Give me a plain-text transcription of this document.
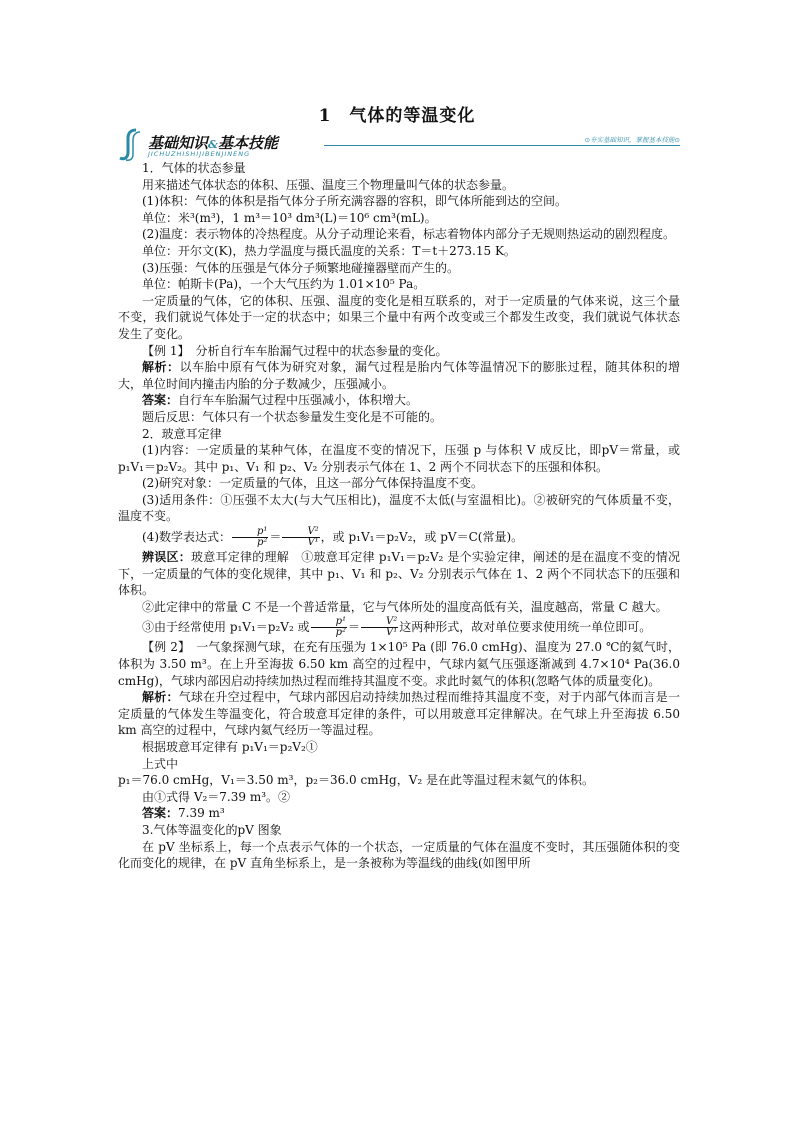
1　气体的等温变化
基础知识&基本技能
JICHUZHISHIJIBENJINENG
⊙夯实基础知识，掌握基本技能⊙

1．气体的状态参量

用来描述气体状态的体积、压强、温度三个物理量叫气体的状态参量。

(1)体积：气体的体积是指气体分子所充满容器的容积，即气体所能到达的空间。

单位：米³(m³)，1 m³＝10³ dm³(L)＝10⁶ cm³(mL)。

(2)温度：表示物体的冷热程度。从分子动理论来看，标志着物体内部分子无规则热运动的剧烈程度。

单位：开尔文(K)，热力学温度与摄氏温度的关系：T＝t＋273.15 K。

(3)压强：气体的压强是气体分子频繁地碰撞器壁而产生的。

单位：帕斯卡(Pa)，一个大气压约为 1.01×10⁵ Pa。

一定质量的气体，它的体积、压强、温度的变化是相互联系的，对于一定质量的气体来说，这三个量不变，我们就说气体处于一定的状态中；如果三个量中有两个改变或三个都发生改变，我们就说气体状态发生了变化。

【例 1】　 分析自行车车胎漏气过程中的状态参量的变化。

解析：以车胎中原有气体为研究对象，漏气过程是胎内气体等温情况下的膨胀过程，随其体积的增大，单位时间内撞击内胎的分子数减少，压强减小。

答案：自行车车胎漏气过程中压强减小，体积增大。

题后反思：气体只有一个状态参量发生变化是不可能的。

2．玻意耳定律

(1)内容：一定质量的某种气体，在温度不变的情况下，压强 p 与体积 V 成反比，即pV＝常量，或 p₁V₁＝p₂V₂。其中 p₁、V₁ 和 p₂、V₂ 分别表示气体在 1、2 两个不同状态下的压强和体积。

(2)研究对象：一定质量的气体，且这一部分气体保持温度不变。

(3)适用条件：①压强不太大(与大气压相比)，温度不太低(与室温相比)。②被研究的气体质量不变，温度不变。

(4)数学表达式： $\frac{\text{p¹}}{\text{p²}} = \frac{\text{V²}}{\text{V¹}}$ ，或 p₁V₁＝p₂V₂，或 pV＝C(常量)。

辨误区：玻意耳定律的理解　①玻意耳定律 p₁V₁＝p₂V₂ 是个实验定律，阐述的是在温度不变的情况下，一定质量的气体的变化规律，其中 p₁、V₁ 和 p₂、V₂ 分别表示气体在 1、2 两个不同状态下的压强和体积。

②此定律中的常量 C 不是一个普适常量，它与气体所处的温度高低有关，温度越高，常量 C 越大。

③由于经常使用 p₁V₁＝p₂V₂ 或 $\frac{\text{p¹}}{\text{p²}} = \frac{\text{V²}}{\text{V¹}}$ 这两种形式，故对单位要求使用统一单位即可。

【例 2】　 一气象探测气球，在充有压强为 1×10⁵ Pa (即 76.0 cmHg)、温度为 27.0 ℃的氦气时，体积为 3.50 m³。在上升至海拔 6.50 km 高空的过程中，气球内氦气压强逐渐减到 4.7×10⁴ Pa(36.0 cmHg)，气球内部因启动持续加热过程而维持其温度不变。求此时氦气的体积(忽略气体的质量变化)。

解析：气球在升空过程中，气球内部因启动持续加热过程而维持其温度不变，对于内部气体而言是一定质量的气体发生等温变化，符合玻意耳定律的条件，可以用玻意耳定律解决。在气球上升至海拔 6.50 km 高空的过程中，气球内氦气经历一等温过程。

根据玻意耳定律有 p₁V₁＝p₂V₂①

上式中

p₁＝76.0 cmHg，V₁＝3.50 m³，p₂＝36.0 cmHg，V₂ 是在此等温过程末氦气的体积。

由①式得 V₂＝7.39 m³。②

答案：7.39 m³

3.气体等温变化的pV 图象

在 pV 坐标系上，每一个点表示气体的一个状态，一定质量的气体在温度不变时，其压强随体积的变化而变化的规律，在 pV 直角坐标系上，是一条被称为等温线的曲线(如图甲所
